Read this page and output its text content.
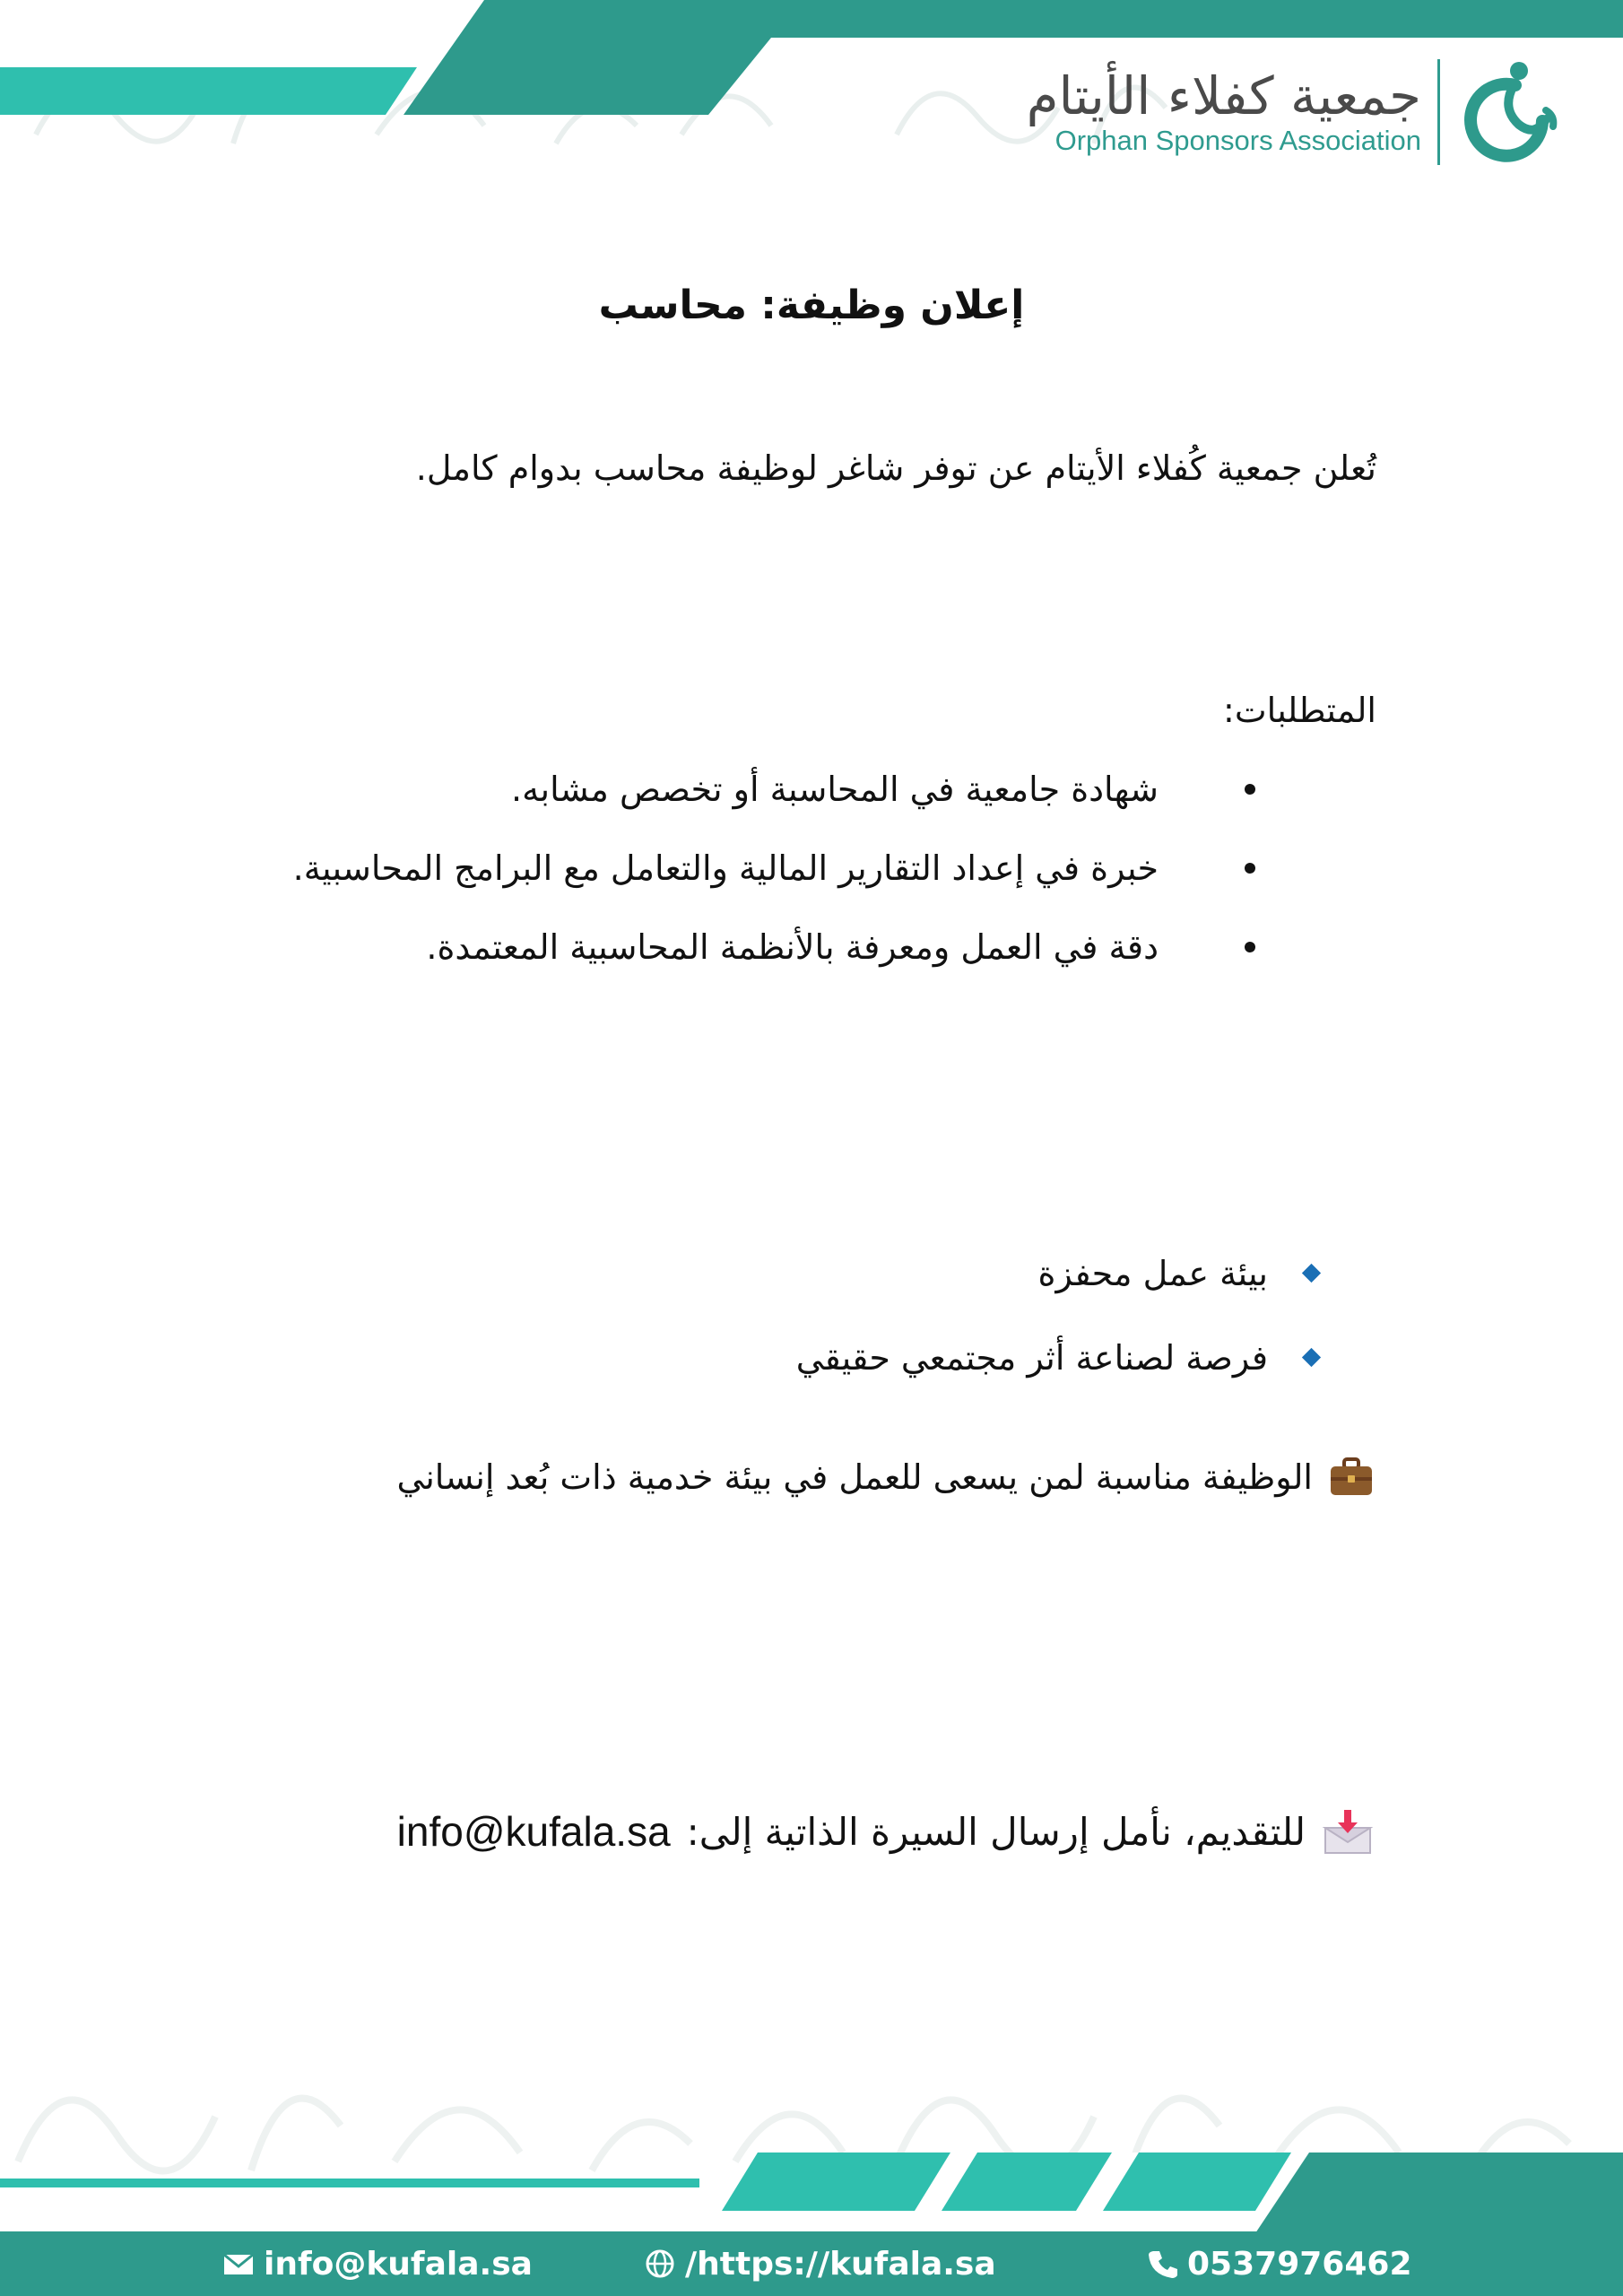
جمعية كفلاء الأيتام
Orphan Sponsors Association
إعلان وظيفة: محاسب
تُعلن جمعية كُفلاء الأيتام عن توفر شاغر لوظيفة محاسب بدوام كامل.
المتطلبات:
شهادة جامعية في المحاسبة أو تخصص مشابه.
خبرة في إعداد التقارير المالية والتعامل مع البرامج المحاسبية.
دقة في العمل ومعرفة بالأنظمة المحاسبية المعتمدة.
بيئة عمل محفزة
فرصة لصناعة أثر مجتمعي حقيقي
الوظيفة مناسبة لمن يسعى للعمل في بيئة خدمية ذات بُعد إنساني
للتقديم، نأمل إرسال السيرة الذاتية إلى:
info@kufala.sa
info@kufala.sa	/https://kufala.sa	0537976462
